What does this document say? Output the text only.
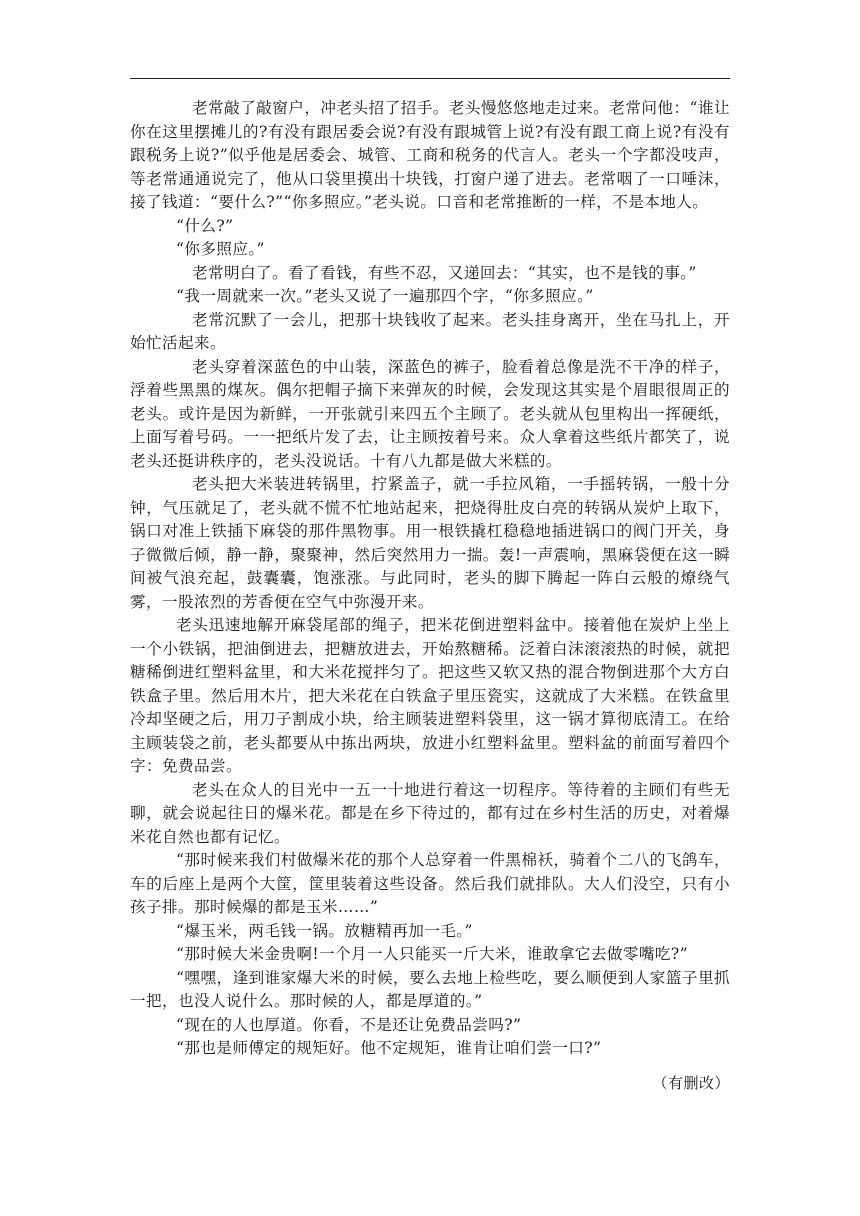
老常敲了敲窗户，冲老头招了招手。老头慢悠悠地走过来。老常问他：“谁让你在这里摆摊儿的?有没有跟居委会说?有没有跟城管上说?有没有跟工商上说?有没有跟税务上说?”似乎他是居委会、城管、工商和税务的代言人。老头一个字都没吱声，等老常通通说完了，他从口袋里摸出十块钱，打窗户递了进去。老常咽了一口唾沫，接了钱道：“要什么?”“你多照应。”老头说。口音和老常推断的一样，不是本地人。

“什么?”

“你多照应。”

老常明白了。看了看钱，有些不忍，又递回去：“其实，也不是钱的事。”

“我一周就来一次。”老头又说了一遍那四个字，“你多照应。”

老常沉默了一会儿，把那十块钱收了起来。老头挂身离开，坐在马扎上，开始忙活起来。

老头穿着深蓝色的中山装，深蓝色的裤子，脸看着总像是洗不干净的样子，浮着些黑黑的煤灰。偶尔把帽子摘下来弹灰的时候，会发现这其实是个眉眼很周正的老头。或许是因为新鲜，一开张就引来四五个主顾了。老头就从包里构出一挥硬纸，上面写着号码。一一把纸片发了去，让主顾按着号来。众人拿着这些纸片都笑了，说老头还挺讲秩序的，老头没说话。十有八九都是做大米糕的。

老头把大米装进转锅里，拧紧盖子，就一手拉风箱，一手摇转锅，一般十分钟，气压就足了，老头就不慌不忙地站起来，把烧得肚皮白亮的转锅从炭炉上取下，锅口对准上铁插下麻袋的那件黑物事。用一根铁撬杠稳稳地插进锅口的阀门开关，身子微微后倾，静一静，聚聚神，然后突然用力一揣。轰!一声震响，黑麻袋便在这一瞬间被气浪充起，鼓囊囊，饱涨涨。与此同时，老头的脚下腾起一阵白云般的燎绕气雾，一股浓烈的芳香便在空气中弥漫开来。

老头迅速地解开麻袋尾部的绳子，把米花倒进塑料盆中。接着他在炭炉上坐上一个小铁锅，把油倒进去，把糖放进去，开始熬糖稀。泛着白沫滚滚热的时候，就把糖稀倒进红塑料盆里，和大米花搅拌匀了。把这些又软又热的混合物倒进那个大方白铁盒子里。然后用木片，把大米花在白铁盒子里压瓷实，这就成了大米糕。在铁盒里冷却坚硬之后，用刀子割成小块，给主顾装进塑料袋里，这一锅才算彻底清工。在给主顾装袋之前，老头都要从中拣出两块，放进小红塑料盆里。塑料盆的前面写着四个字：免费品尝。

老头在众人的目光中一五一十地进行着这一切程序。等待着的主顾们有些无聊，就会说起往日的爆米花。都是在乡下待过的，都有过在乡村生活的历史，对着爆米花自然也都有记忆。

“那时候来我们村做爆米花的那个人总穿着一件黑棉袄，骑着个二八的飞鸽车，车的后座上是两个大筐，筐里装着这些设备。然后我们就排队。大人们没空，只有小孩子排。那时候爆的都是玉米……”

“爆玉米，两毛钱一锅。放糖精再加一毛。”

“那时候大米金贵啊!一个月一人只能买一斤大米，谁敢拿它去做零嘴吃?”

“嘿嘿，逢到谁家爆大米的时候，要么去地上检些吃，要么顺便到人家篮子里抓一把，也没人说什么。那时候的人，都是厚道的。”

“现在的人也厚道。你看，不是还让免费品尝吗?”

“那也是师傅定的规矩好。他不定规矩，谁肯让咱们尝一口?”

（有删改）
